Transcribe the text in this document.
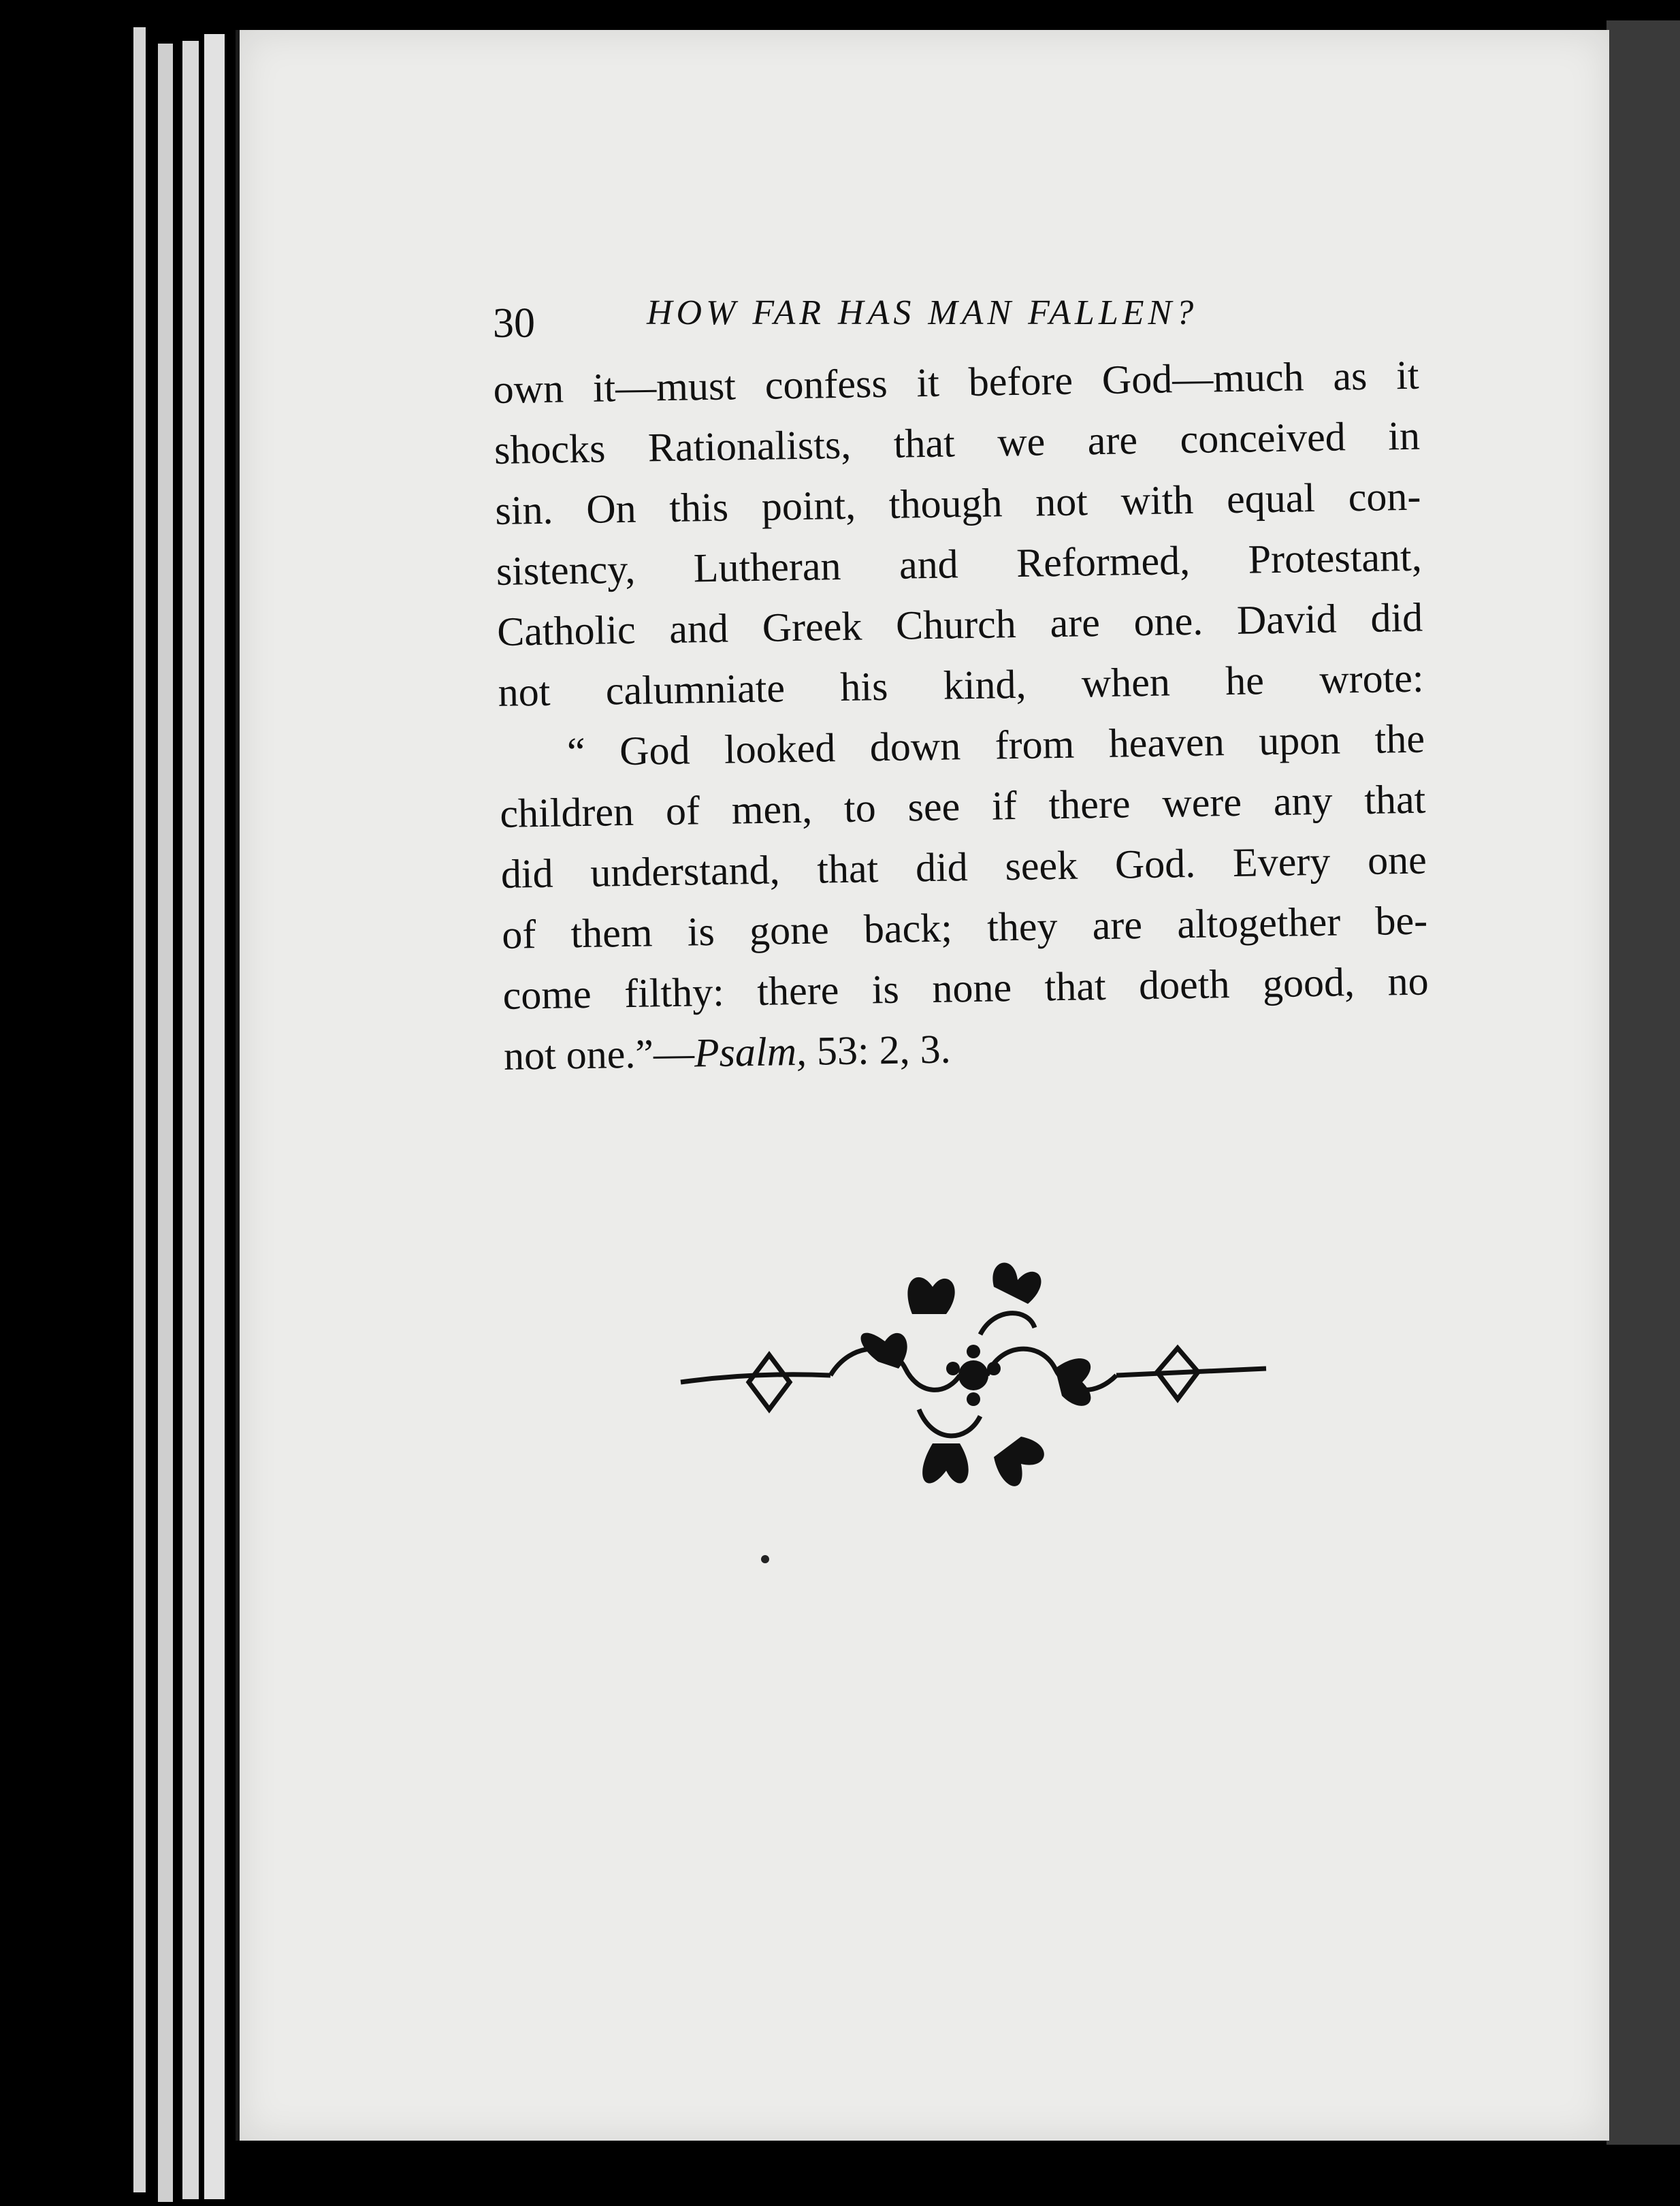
30	HOW FAR HAS MAN FALLEN?
own it—must confess it before God—much as it
shocks Rationalists, that we are conceived in
sin. On this point, though not with equal con-
sistency, Lutheran and Reformed, Protestant,
Catholic and Greek Church are one. David did
not calumniate his kind, when he wrote:
“ God looked down from heaven upon the
children of men, to see if there were any that
did understand, that did seek God. Every one
of them is gone back; they are altogether be-
come filthy: there is none that doeth good, no
not one.”—
Psalm,
53: 2, 3.
